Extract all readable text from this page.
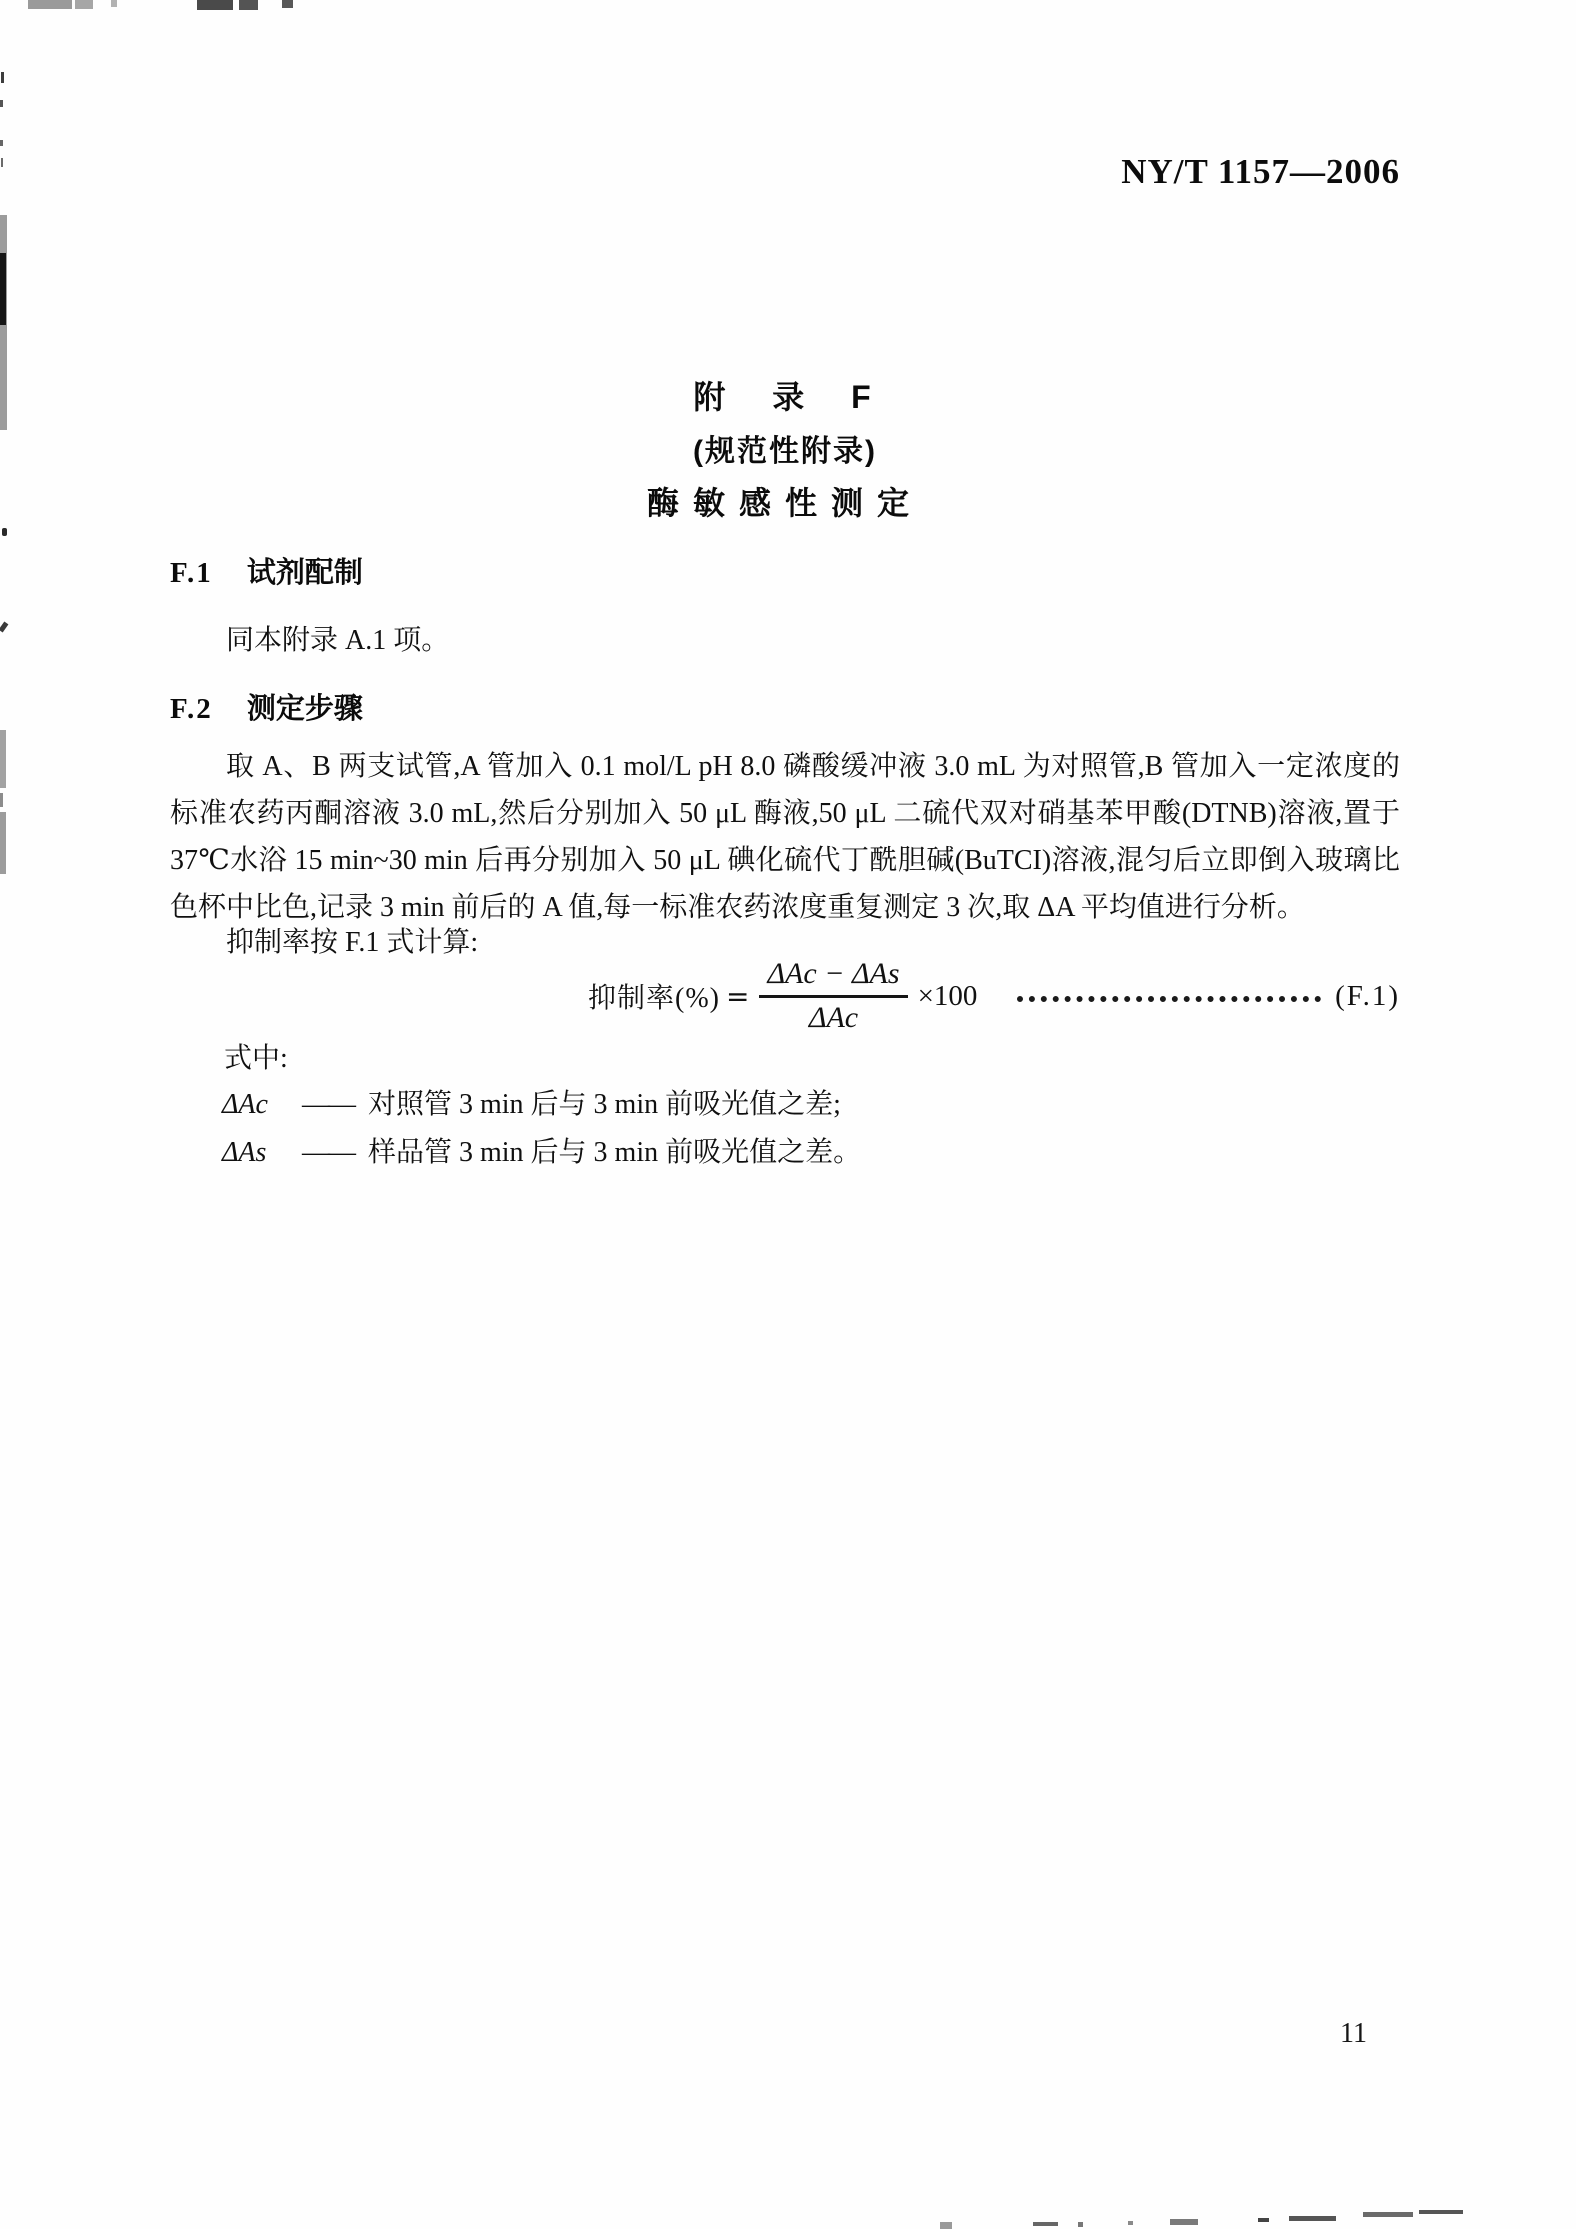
NY/T 1157—2006
附 录 F
(规范性附录)
酶敏感性测定
F.1 试剂配制
同本附录 A.1 项。
F.2 测定步骤
取 A、B 两支试管,A 管加入 0.1 mol/L pH 8.0 磷酸缓冲液 3.0 mL 为对照管,B 管加入一定浓度的
标准农药丙酮溶液 3.0 mL,然后分别加入 50 μL 酶液,50 μL 二硫代双对硝基苯甲酸(DTNB)溶液,置于
37℃水浴 15 min~30 min 后再分别加入 50 μL 碘化硫代丁酰胆碱(BuTCI)溶液,混匀后立即倒入玻璃比
色杯中比色,记录 3 min 前后的 A 值,每一标准农药浓度重复测定 3 次,取 ΔA 平均值进行分析。
抑制率按 F.1 式计算:
抑制率(%) = $\frac{\text{ΔAc − ΔAs}}{\text{ΔAc}} \times 100$	(F.1)
式中:
ΔAc —— 对照管 3 min 后与 3 min 前吸光值之差;
ΔAs —— 样品管 3 min 后与 3 min 前吸光值之差。
11
